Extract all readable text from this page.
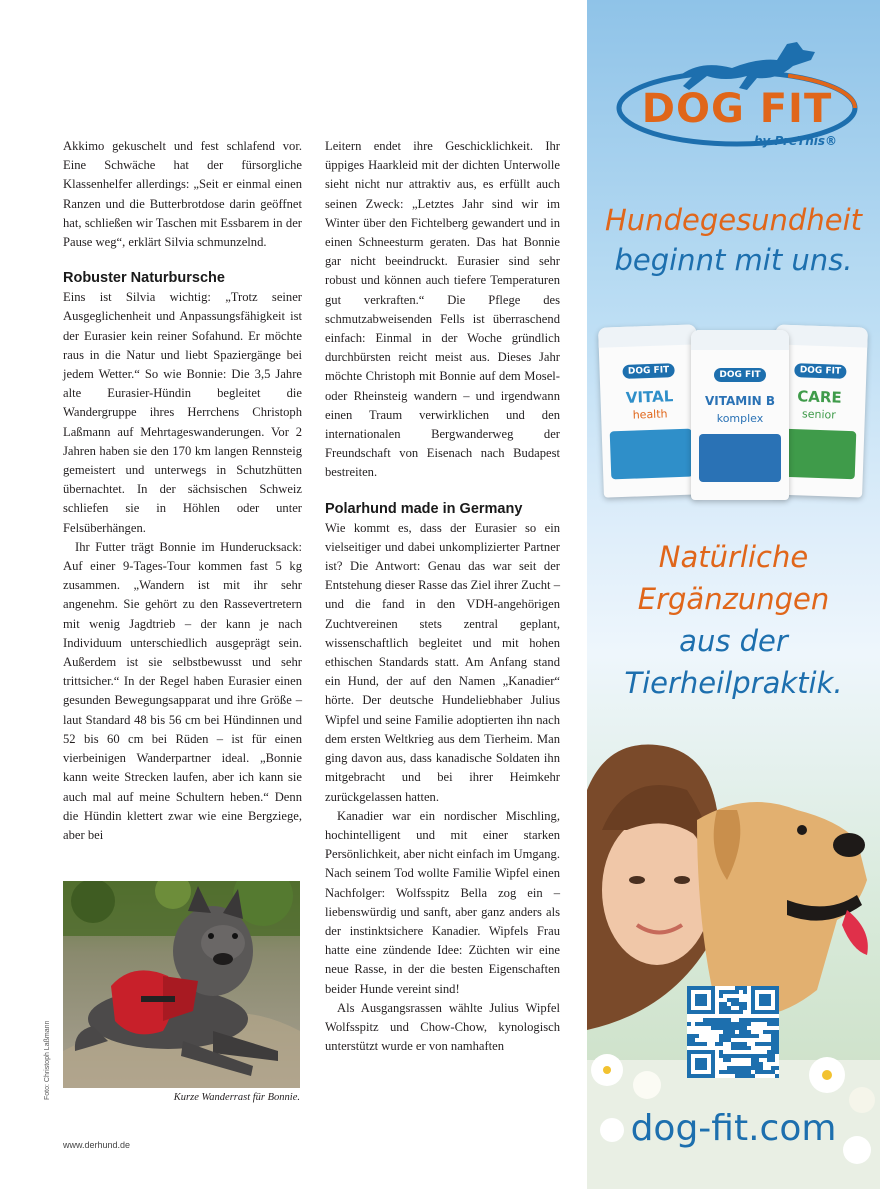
Akkimo gekuschelt und fest schlafend vor. Eine Schwäche hat der fürsorgliche Klassenhelfer allerdings: „Seit er einmal einen Ranzen und die Butterbrotdose darin geöffnet hat, schließen wir Taschen mit Essbarem in der Pause weg“, erklärt Silvia schmunzelnd.

Robuster Naturbursche

Eins ist Silvia wichtig: „Trotz seiner Ausgeglichenheit und Anpassungsfähigkeit ist der Eurasier kein reiner Sofahund. Er möchte raus in die Natur und liebt Spaziergänge bei jedem Wetter.“ So wie Bonnie: Die 3,5 Jahre alte Eurasier-Hündin begleitet die Wandergruppe ihres Herrchens Christoph Laßmann auf Mehrtageswanderungen. Vor 2 Jahren haben sie den 170 km langen Rennsteig gemeistert und unterwegs in Schutzhütten übernachtet. In der sächsischen Schweiz schliefen sie in Höhlen oder unter Felsüberhängen.

Ihr Futter trägt Bonnie im Hunderucksack: Auf einer 9-Tages-Tour kommen fast 5 kg zusammen. „Wandern ist mit ihr sehr angenehm. Sie gehört zu den Rassevertretern mit wenig Jagdtrieb – der kann je nach Individuum unterschiedlich ausgeprägt sein. Außerdem ist sie selbstbewusst und sehr trittsicher.“ In der Regel haben Eurasier einen gesunden Bewegungsapparat und ihre Größe – laut Standard 48 bis 56 cm bei Hündinnen und 52 bis 60 cm bei Rüden – ist für einen vierbeinigen Wanderpartner ideal. „Bonnie kann weite Strecken laufen, aber ich kann sie auch mal auf meine Schultern heben.“ Denn die Hündin klettert zwar wie eine Bergziege, aber bei

Leitern endet ihre Geschicklichkeit. Ihr üppiges Haarkleid mit der dichten Unterwolle sieht nicht nur attraktiv aus, es erfüllt auch seinen Zweck: „Letztes Jahr sind wir im Winter über den Fichtelberg gewandert und in einen Schneesturm geraten. Das hat Bonnie gar nicht beeindruckt. Eurasier sind sehr robust und können auch tiefere Temperaturen gut verkraften.“ Die Pflege des schmutzabweisenden Fells ist überraschend einfach: Einmal in der Woche gründlich durchbürsten reicht meist aus. Dieses Jahr möchte Christoph mit Bonnie auf dem Mosel- oder Rheinsteig wandern – und irgendwann einen Traum verwirklichen und den internationalen Bergwanderweg der Freundschaft von Eisenach nach Budapest bestreiten.

Polarhund made in Germany

Wie kommt es, dass der Eurasier so ein vielseitiger und dabei unkomplizierter Partner ist? Die Antwort: Genau das war seit der Entstehung dieser Rasse das Ziel ihrer Zucht – und die fand in den VDH-angehörigen Zuchtvereinen stets zentral geplant, wissenschaftlich begleitet und mit hohen ethischen Standards statt. Am Anfang stand ein Hund, der auf den Namen „Kanadier“ hörte. Der deutsche Hundeliebhaber Julius Wipfel und seine Familie adoptierten ihn nach dem ersten Weltkrieg aus dem Tierheim. Man ging davon aus, dass kanadische Soldaten ihn mitgebracht und bei ihrer Heimkehr zurückgelassen hatten.

Kanadier war ein nordischer Mischling, hochintelligent und mit einer starken Persönlichkeit, aber nicht einfach im Umgang. Nach seinem Tod wollte Familie Wipfel einen Nachfolger: Wolfsspitz Bella zog ein – liebenswürdig und sanft, aber ganz anders als der instinktsichere Kanadier. Wipfels Frau hatte eine zündende Idee: Züchten wir eine neue Rasse, in der die besten Eigenschaften beider Hunde vereint sind!

Als Ausgangsrassen wählte Julius Wipfel Wolfsspitz und Chow-Chow, kynologisch unterstützt wurde er von namhaften

Foto: Christoph Laßmann	Kurze Wanderrast für Bonnie.
www.derhund.de
DOG FIT
by PreThis®
Hundegesundheit
beginnt mit uns.
DOG FIT
VITAL
health
DOG FIT
VITAMIN B
komplex
DOG FIT
CARE
senior
Natürliche
Ergänzungen
aus der
Tierheilpraktik.
dog-fit.com
